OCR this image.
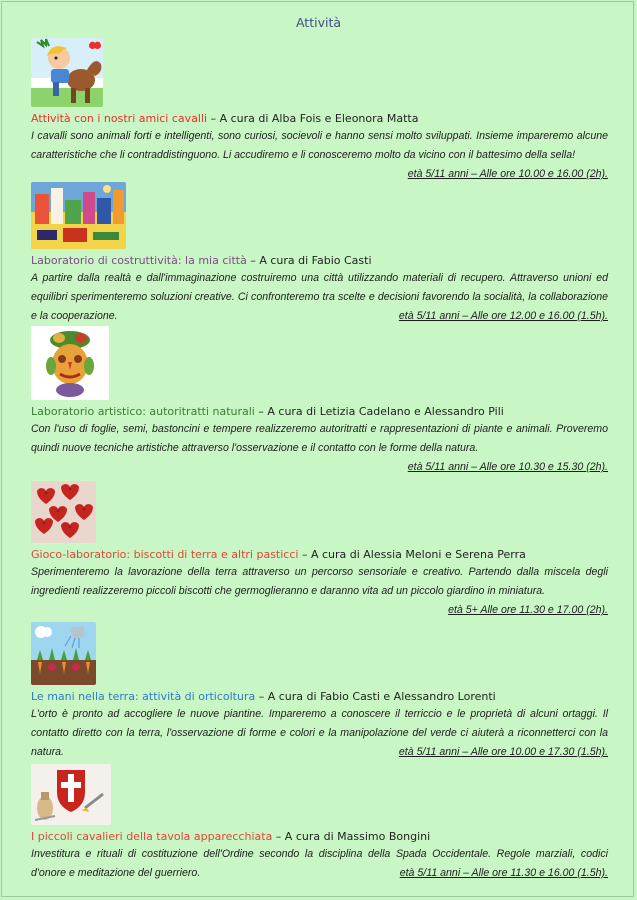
Attività
Attività con i nostri amici cavalli – A cura di Alba Fois e Eleonora Matta

I cavalli sono animali forti e intelligenti, sono curiosi, socievoli e hanno sensi molto sviluppati. Insieme impareremo alcune caratteristiche che li contraddistinguono. Li accudiremo e li conosceremo molto da vicino con il battesimo della sella!
età 5/11 anni – Alle ore 10.00 e 16.00 (2h).

Laboratorio di costruttività: la mia città – A cura di Fabio Casti

A partire dalla realtà e dall'immaginazione costruiremo una città utilizzando materiali di recupero. Attraverso unioni ed equilibri sperimenteremo soluzioni creative. Ci confronteremo tra scelte e decisioni favorendo la socialità, la collaborazione e la cooperazione.	età 5/11 anni – Alle ore 12.00 e 16.00 (1.5h).

Laboratorio artistico: autoritratti naturali – A cura di Letizia Cadelano e Alessandro Pili

Con l'uso di foglie, semi, bastoncini e tempere realizzeremo autoritratti e rappresentazioni di piante e animali. Proveremo quindi nuove tecniche artistiche attraverso l'osservazione e il contatto con le forme della natura.
età 5/11 anni – Alle ore 10.30 e 15.30 (2h).

Gioco-laboratorio: biscotti di terra e altri pasticci – A cura di Alessia Meloni e Serena Perra

Sperimenteremo la lavorazione della terra attraverso un percorso sensoriale e creativo. Partendo dalla miscela degli ingredienti realizzeremo piccoli biscotti che germoglieranno e daranno vita ad un piccolo giardino in miniatura.
età 5+ Alle ore 11.30 e 17.00 (2h).

Le mani nella terra: attività di orticoltura – A cura di Fabio Casti e Alessandro Lorenti

L'orto è pronto ad accogliere le nuove piantine. Impareremo a conoscere il terriccio e le proprietà di alcuni ortaggi. Il contatto diretto con la terra, l'osservazione di forme e colori e la manipolazione del verde ci aiuterà a riconnetterci con la natura.	età 5/11 anni – Alle ore 10.00 e 17.30 (1.5h).

I piccoli cavalieri della tavola apparecchiata – A cura di Massimo Bongini

Investitura e rituali di costituzione dell'Ordine secondo la disciplina della Spada Occidentale. Regole marziali, codici d'onore e meditazione del guerriero.	età 5/11 anni – Alle ore 11.30 e 16.00 (1.5h).
